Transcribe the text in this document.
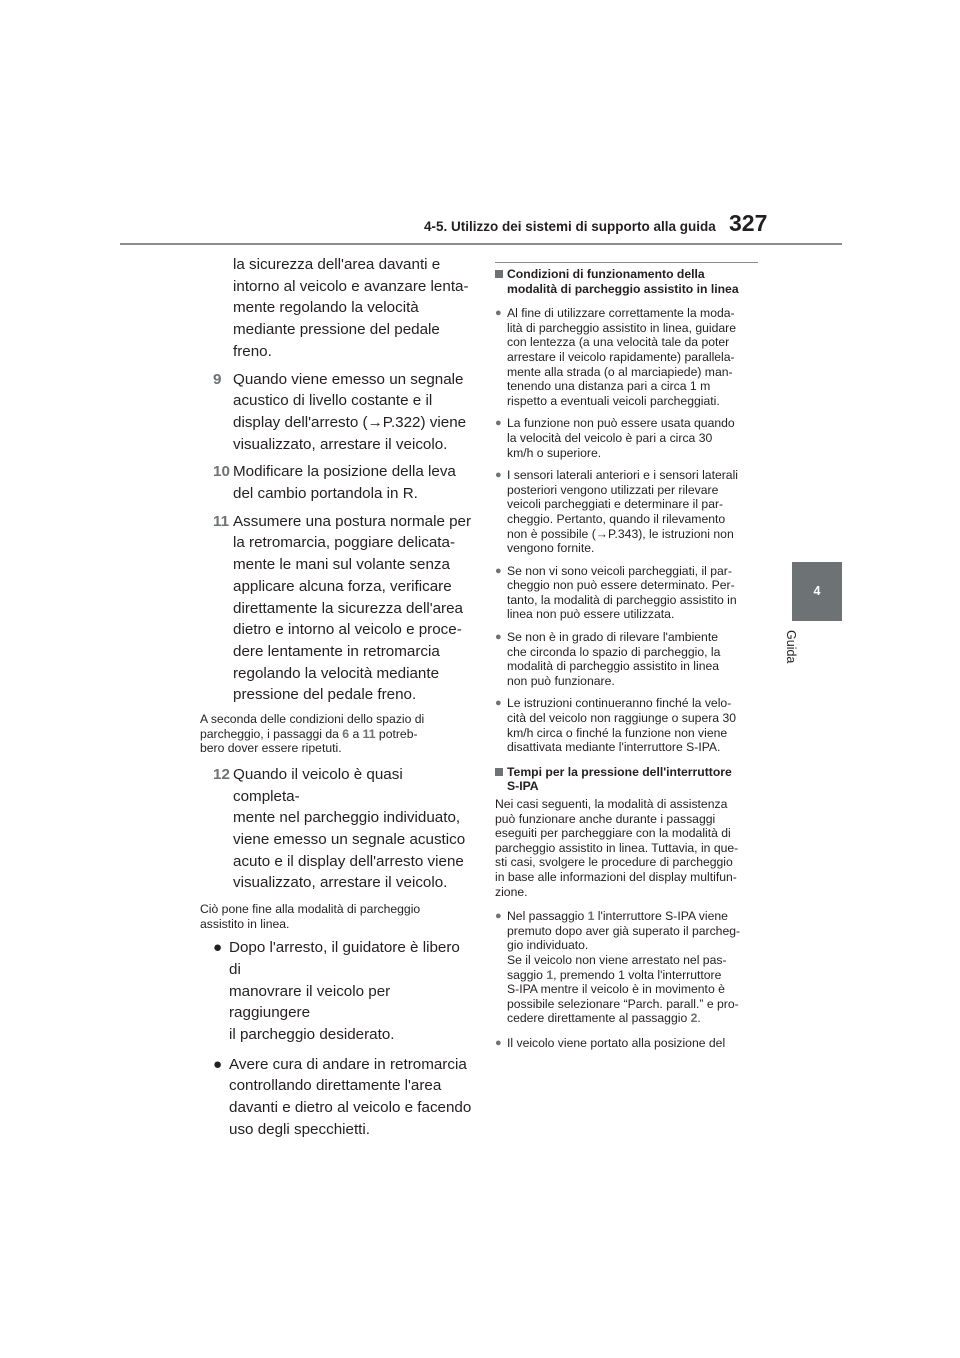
4-5. Utilizzo dei sistemi di supporto alla guida 327
4
Guida
la sicurezza dell'area davanti e
intorno al veicolo e avanzare lenta-
mente regolando la velocità
mediante pressione del pedale
freno.
9 Quando viene emesso un segnale
acustico di livello costante e il
display dell'arresto (→P.322) viene
visualizzato, arrestare il veicolo.
10 Modificare la posizione della leva
del cambio portandola in R.
11 Assumere una postura normale per
la retromarcia, poggiare delicata-
mente le mani sul volante senza
applicare alcuna forza, verificare
direttamente la sicurezza dell'area
dietro e intorno al veicolo e proce-
dere lentamente in retromarcia
regolando la velocità mediante
pressione del pedale freno.
A seconda delle condizioni dello spazio di
parcheggio, i passaggi da 6 a 11 potreb-
bero dover essere ripetuti.
12 Quando il veicolo è quasi completa-
mente nel parcheggio individuato,
viene emesso un segnale acustico
acuto e il display dell'arresto viene
visualizzato, arrestare il veicolo.
Ciò pone fine alla modalità di parcheggio
assistito in linea.
● Dopo l'arresto, il guidatore è libero di
manovrare il veicolo per raggiungere
il parcheggio desiderato.
● Avere cura di andare in retromarcia
controllando direttamente l'area
davanti e dietro al veicolo e facendo
uso degli specchietti.
Condizioni di funzionamento della
modalità di parcheggio assistito in linea
● Al fine di utilizzare correttamente la moda-
lità di parcheggio assistito in linea, guidare
con lentezza (a una velocità tale da poter
arrestare il veicolo rapidamente) parallela-
mente alla strada (o al marciapiede) man-
tenendo una distanza pari a circa 1 m
rispetto a eventuali veicoli parcheggiati.
● La funzione non può essere usata quando
la velocità del veicolo è pari a circa 30
km/h o superiore.
● I sensori laterali anteriori e i sensori laterali
posteriori vengono utilizzati per rilevare
veicoli parcheggiati e determinare il par-
cheggio. Pertanto, quando il rilevamento
non è possibile (→P.343), le istruzioni non
vengono fornite.
● Se non vi sono veicoli parcheggiati, il par-
cheggio non può essere determinato. Per-
tanto, la modalità di parcheggio assistito in
linea non può essere utilizzata.
● Se non è in grado di rilevare l'ambiente
che circonda lo spazio di parcheggio, la
modalità di parcheggio assistito in linea
non può funzionare.
● Le istruzioni continueranno finché la velo-
cità del veicolo non raggiunge o supera 30
km/h circa o finché la funzione non viene
disattivata mediante l'interruttore S-IPA.
Tempi per la pressione dell'interruttore
S-IPA
Nei casi seguenti, la modalità di assistenza
può funzionare anche durante i passaggi
eseguiti per parcheggiare con la modalità di
parcheggio assistito in linea. Tuttavia, in que-
sti casi, svolgere le procedure di parcheggio
in base alle informazioni del display multifun-
zione.
● Nel passaggio 1 l'interruttore S-IPA viene
premuto dopo aver già superato il parcheg-
gio individuato.
Se il veicolo non viene arrestato nel pas-
saggio 1, premendo 1 volta l'interruttore
S-IPA mentre il veicolo è in movimento è
possibile selezionare “Parch. parall.” e pro-
cedere direttamente al passaggio 2.
● Il veicolo viene portato alla posizione del
